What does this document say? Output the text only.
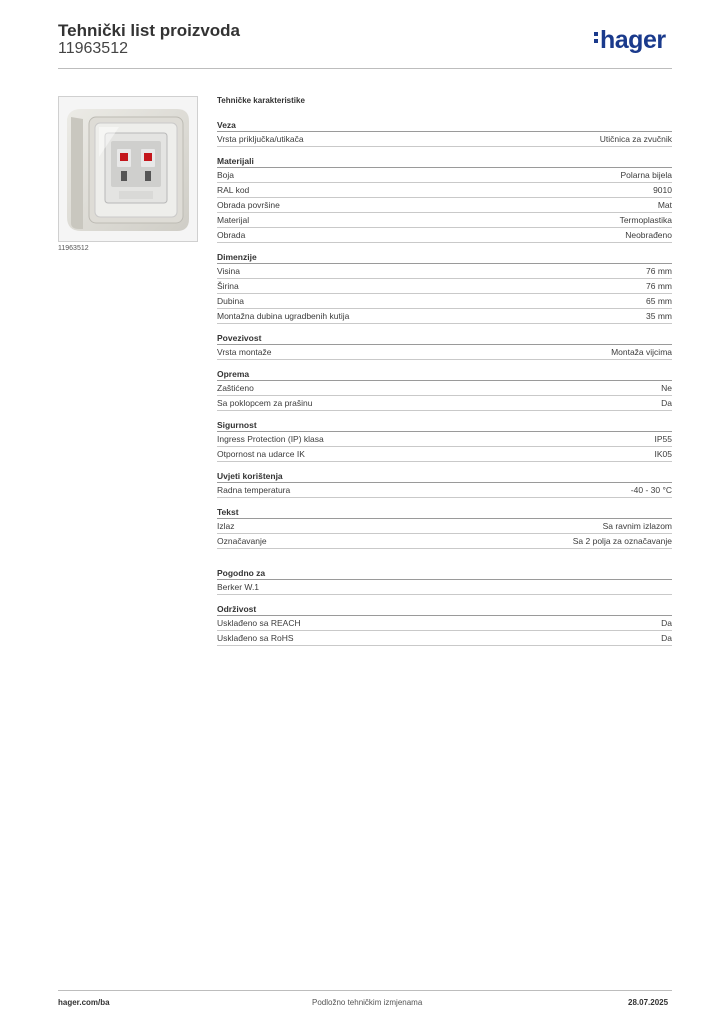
Tehnički list proizvoda
11963512	hager
11963512
Tehničke karakteristike
Veza
Vrsta priključka/utikača	Utičnica za zvučnik
Materijali
Boja	Polarna bijela
RAL kod	9010
Obrada površine	Mat
Materijal	Termoplastika
Obrada	Neobrađeno
Dimenzije
Visina	76 mm
Širina	76 mm
Dubina	65 mm
Montažna dubina ugradbenih kutija	35 mm
Povezivost
Vrsta montaže	Montaža vijcima
Oprema
Zaštićeno	Ne
Sa poklopcem za prašinu	Da
Sigurnost
Ingress Protection (IP) klasa	IP55
Otpornost na udarce IK	IK05
Uvjeti korištenja
Radna temperatura	-40 - 30 °C
Tekst
Izlaz	Sa ravnim izlazom
Označavanje	Sa 2 polja za označavanje
Pogodno za
Berker W.1
Održivost
Usklađeno sa REACH	Da
Usklađeno sa RoHS	Da
hager.com/ba	Podložno tehničkim izmjenama	28.07.2025
